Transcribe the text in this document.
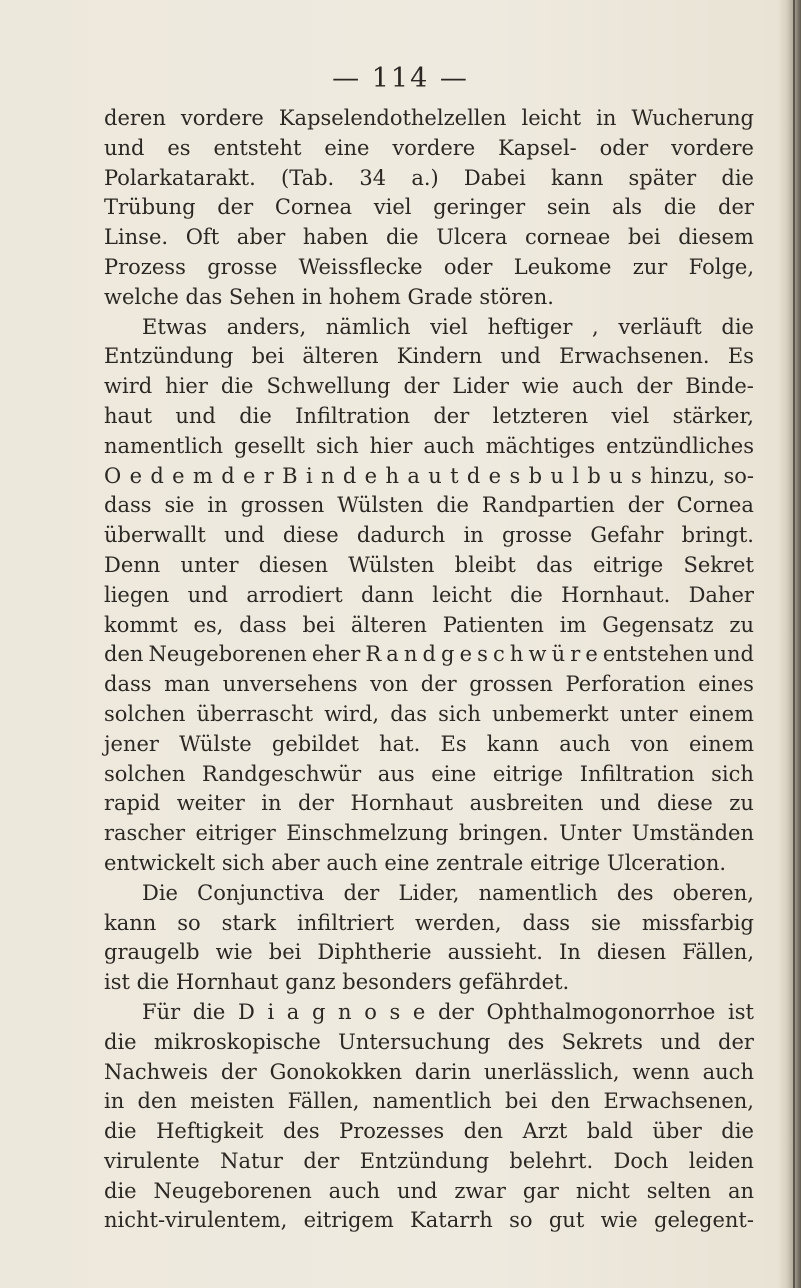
— 114 —
deren vordere Kapselendothelzellen leicht in Wucherung
und es entsteht eine vordere Kapsel- oder vordere
Polarkatarakt. (Tab. 34 a.) Dabei kann später die
Trübung der Cornea viel geringer sein als die der
Linse. Oft aber haben die Ulcera corneae bei diesem
Prozess grosse Weissflecke oder Leukome zur Folge,
welche das Sehen in hohem Grade stören.
Etwas anders, nämlich viel heftiger , verläuft die
Entzündung bei älteren Kindern und Erwachsenen. Es
wird hier die Schwellung der Lider wie auch der Binde-
haut und die Infiltration der letzteren viel stärker,
namentlich gesellt sich hier auch mächtiges entzündliches
O e d e m d e r B i n d e h a u t d e s b u l b u s hinzu, so-
dass sie in grossen Wülsten die Randpartien der Cornea
überwallt und diese dadurch in grosse Gefahr bringt.
Denn unter diesen Wülsten bleibt das eitrige Sekret
liegen und arrodiert dann leicht die Hornhaut. Daher
kommt es, dass bei älteren Patienten im Gegensatz zu
den Neugeborenen eher R a n d g e s c h w ü r e entstehen und
dass man unversehens von der grossen Perforation eines
solchen überrascht wird, das sich unbemerkt unter einem
jener Wülste gebildet hat. Es kann auch von einem
solchen Randgeschwür aus eine eitrige Infiltration sich
rapid weiter in der Hornhaut ausbreiten und diese zu
rascher eitriger Einschmelzung bringen. Unter Umständen
entwickelt sich aber auch eine zentrale eitrige Ulceration.
Die Conjunctiva der Lider, namentlich des oberen,
kann so stark infiltriert werden, dass sie missfarbig
graugelb wie bei Diphtherie aussieht. In diesen Fällen,
ist die Hornhaut ganz besonders gefährdet.
Für die D i a g n o s e der Ophthalmogonorrhoe ist
die mikroskopische Untersuchung des Sekrets und der
Nachweis der Gonokokken darin unerlässlich, wenn auch
in den meisten Fällen, namentlich bei den Erwachsenen,
die Heftigkeit des Prozesses den Arzt bald über die
virulente Natur der Entzündung belehrt. Doch leiden
die Neugeborenen auch und zwar gar nicht selten an
nicht-virulentem, eitrigem Katarrh so gut wie gelegent-
